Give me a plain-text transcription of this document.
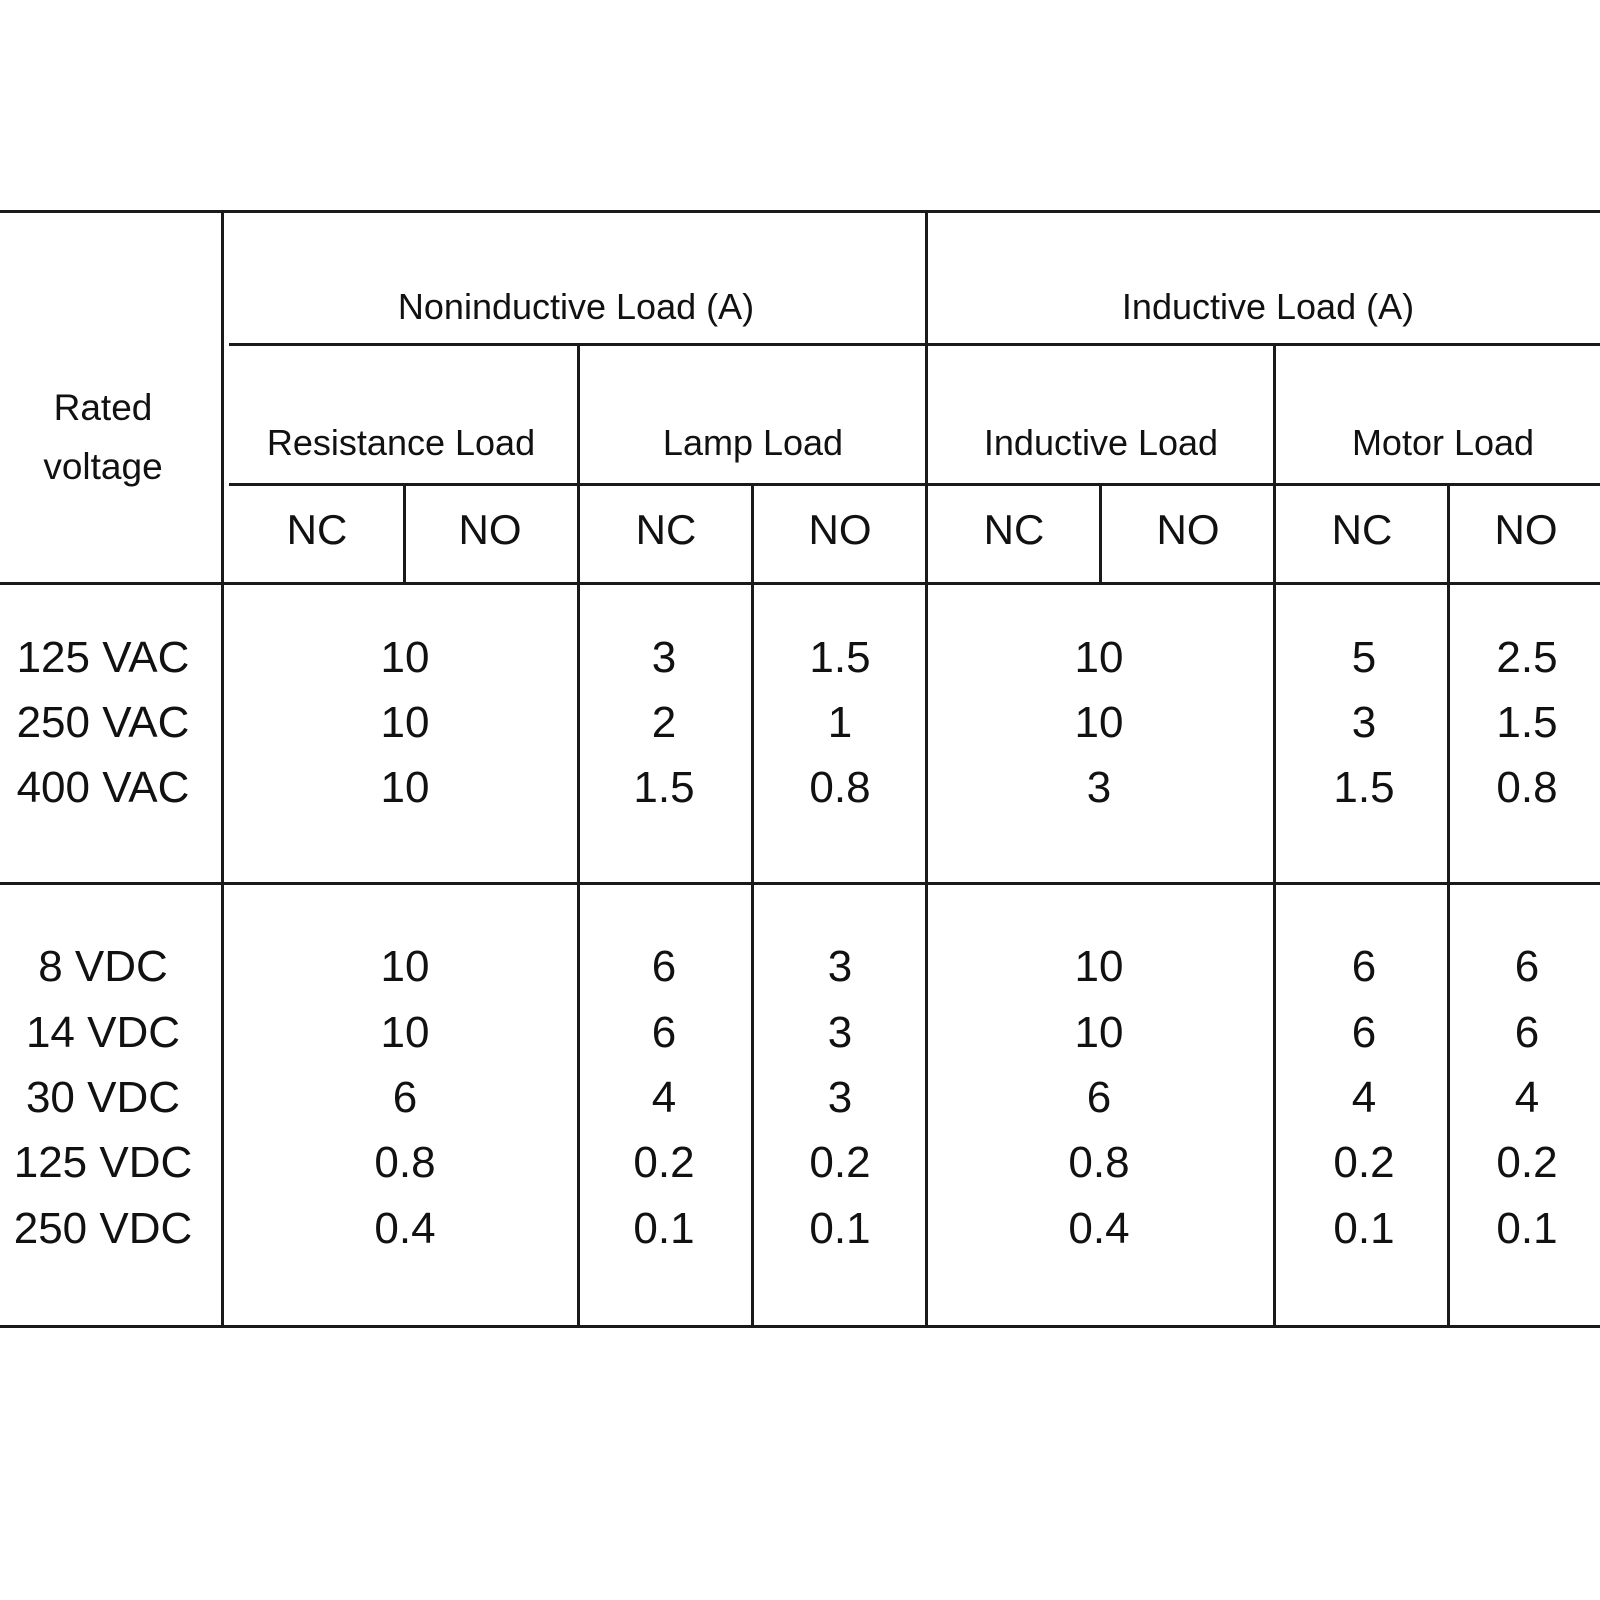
Rated
voltage
Noninductive Load (A)	Inductive Load (A)
Resistance Load	Lamp Load	Inductive Load	Motor Load
NC	NO	NC	NO	NC	NO	NC NO
125 VAC	10	3	1.5	10	5	2.5
250 VAC	10	2	1	10	3	1.5
400 VAC	10	1.5	0.8	3	1.5 0.8
8 VDC	10	6	3	10	6	6
14 VDC	10	6	3	10	6	6
30 VDC	6	4	3	6	4	4
125 VDC	0.8	0.2	0.2	0.8	0.2 0.2
250 VDC	0.4	0.1	0.1	0.4	0.1 0.1
